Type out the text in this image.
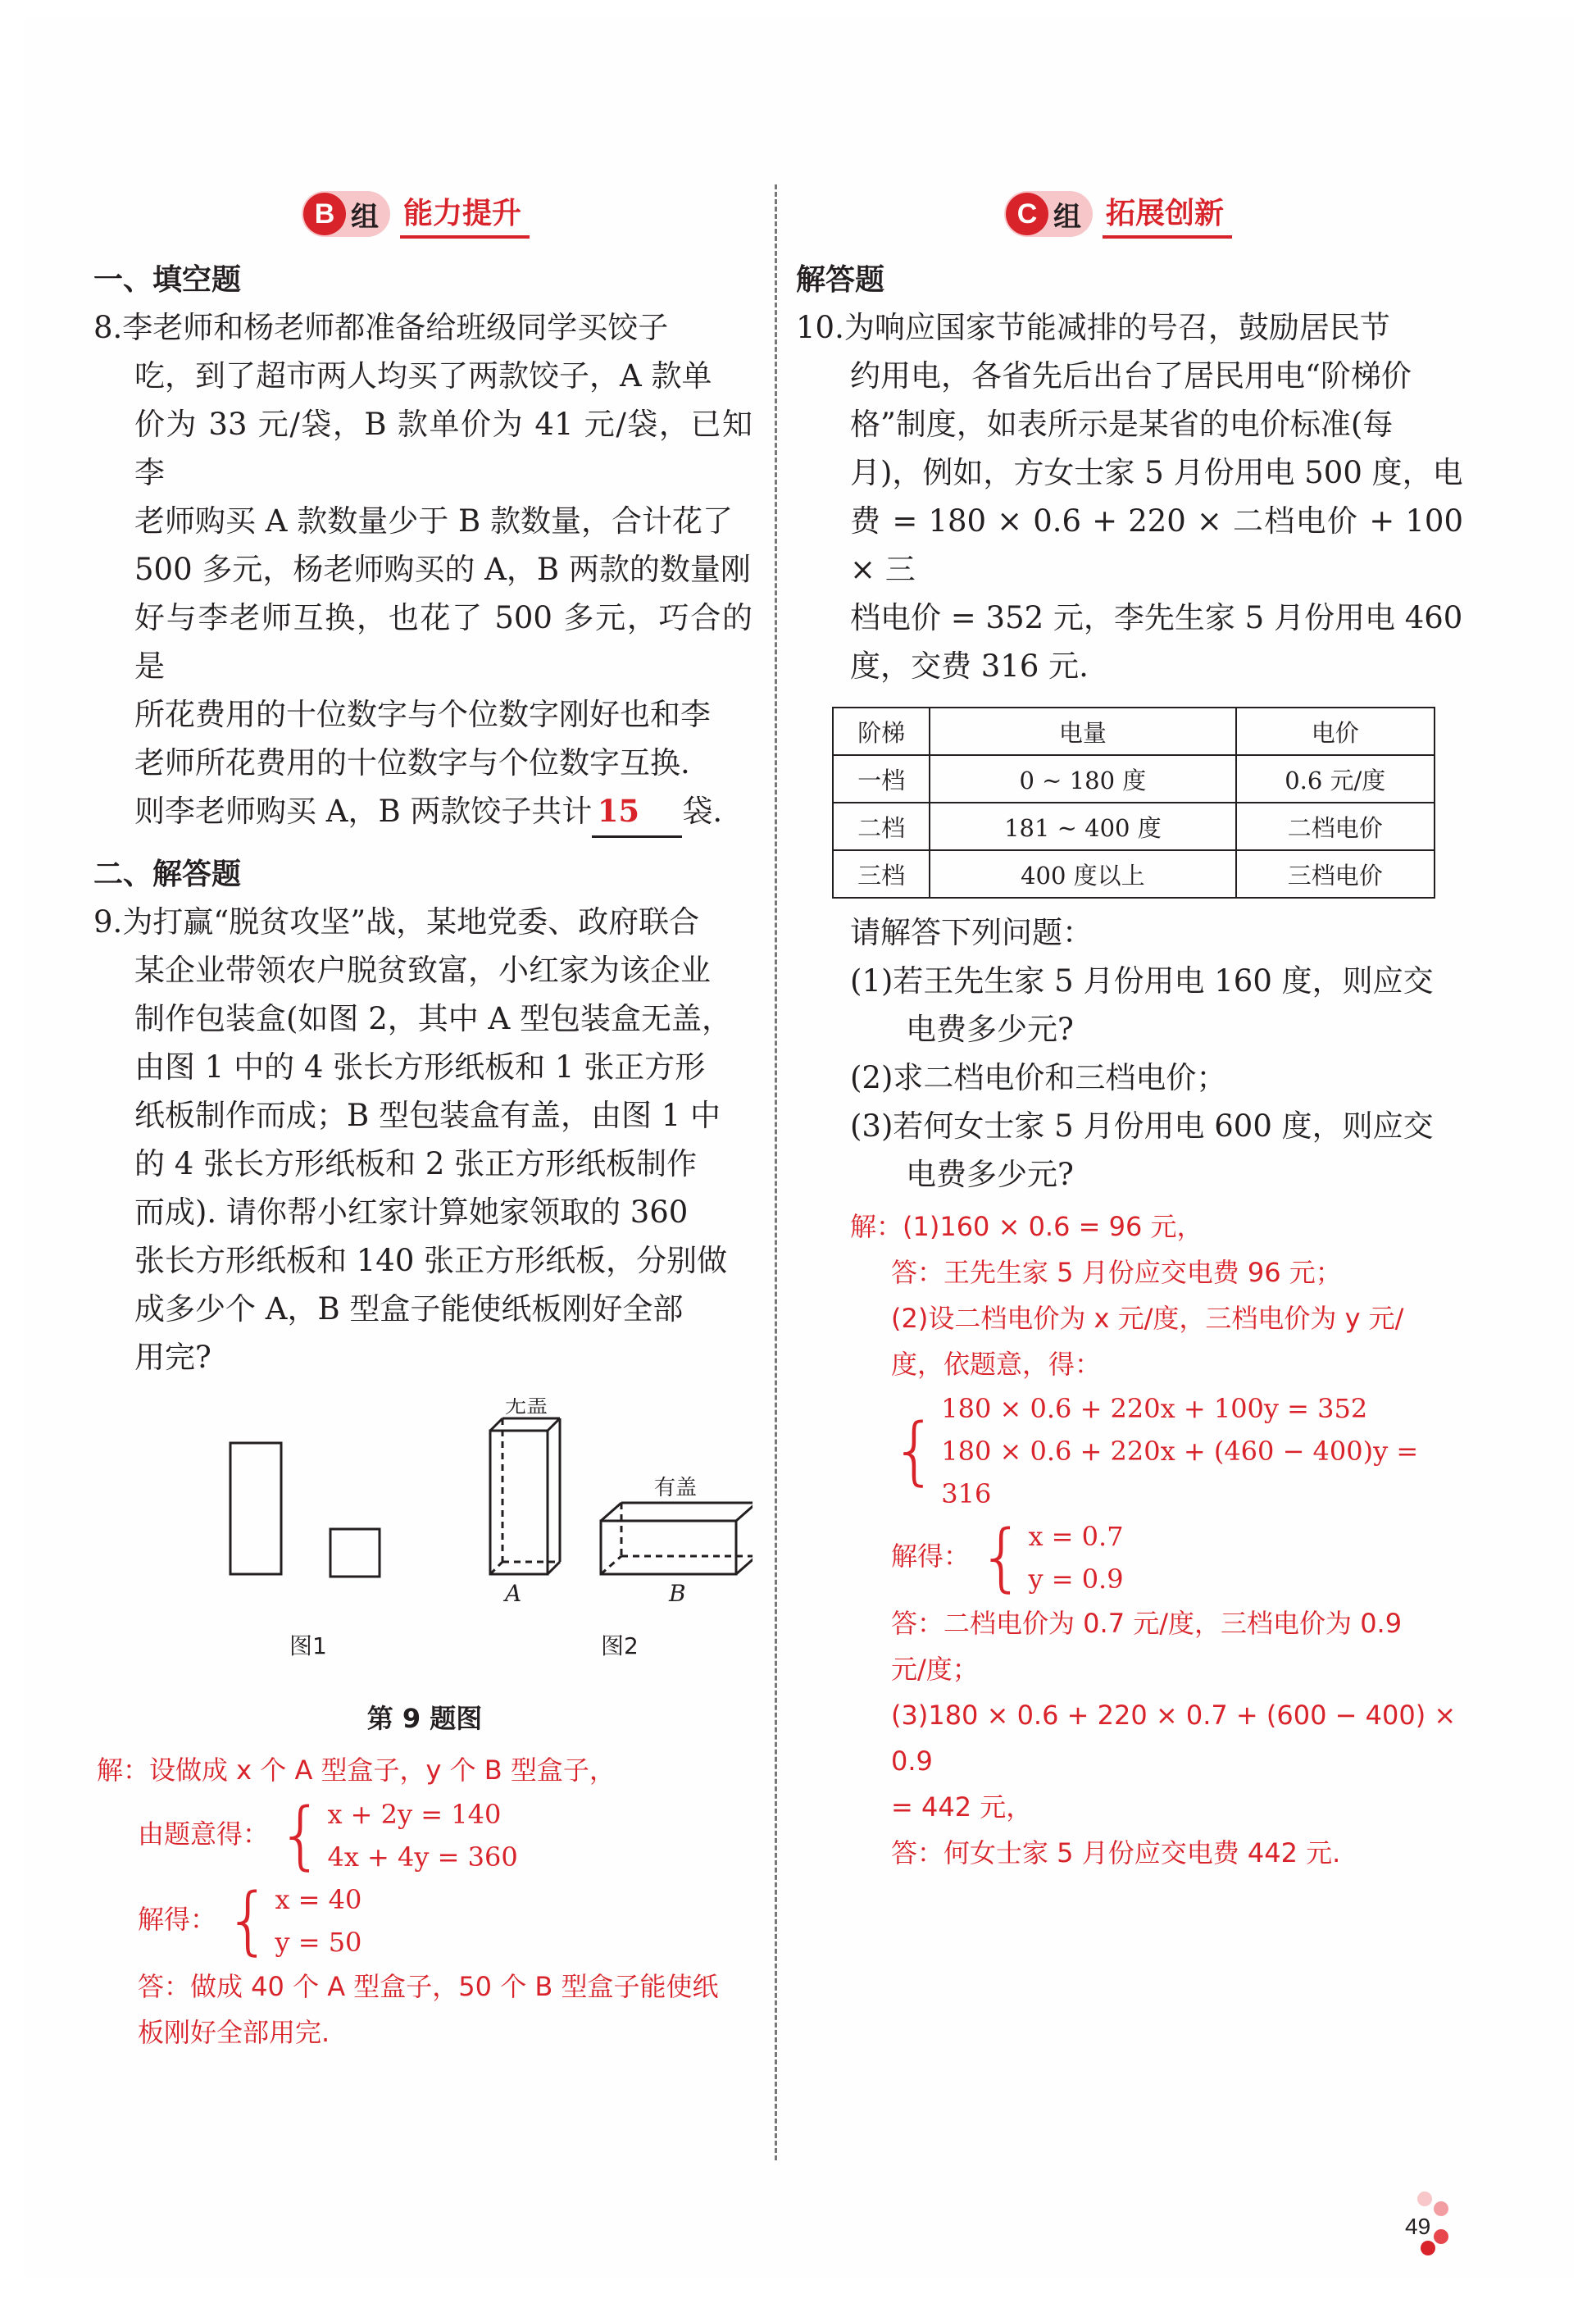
B 组 能力提升
一、填空题
8.李老师和杨老师都准备给班级同学买饺子
吃，到了超市两人均买了两款饺子，A 款单
价为 33 元/袋，B 款单价为 41 元/袋，已知李
老师购买 A 款数量少于 B 款数量，合计花了
500 多元，杨老师购买的 A，B 两款的数量刚
好与李老师互换，也花了 500 多元，巧合的是
所花费用的十位数字与个位数字刚好也和李
老师所花费用的十位数字与个位数字互换.
则李老师购买 A，B 两款饺子共计 15 袋.
二、解答题
9.为打赢“脱贫攻坚”战，某地党委、政府联合
某企业带领农户脱贫致富，小红家为该企业
制作包装盒(如图 2，其中 A 型包装盒无盖，
由图 1 中的 4 张长方形纸板和 1 张正方形
纸板制作而成；B 型包装盒有盖，由图 1 中
的 4 张长方形纸板和 2 张正方形纸板制作
而成). 请你帮小红家计算她家领取的 360
张长方形纸板和 140 张正方形纸板，分别做
成多少个 A，B 型盒子能使纸板刚好全部
用完?
无盖
有盖
A	B
图1	图2
第 9 题图
解：设做成 x 个 A 型盒子，y 个 B 型盒子，
由题意得： { x + 2y = 140
4x + 4y = 360
解得： { x = 40
y = 50
答：做成 40 个 A 型盒子，50 个 B 型盒子能使纸
板刚好全部用完.
C 组 拓展创新
解答题
10.为响应国家节能减排的号召，鼓励居民节
约用电，各省先后出台了居民用电“阶梯价
格”制度，如表所示是某省的电价标准(每
月)，例如，方女士家 5 月份用电 500 度，电
费 = 180 × 0.6 + 220 × 二档电价 + 100 × 三
档电价 = 352 元，李先生家 5 月份用电 460
度，交费 316 元.
阶梯	电量	电价
一档	0 ~ 180 度	0.6 元/度
二档	181 ~ 400 度	二档电价
三档	400 度以上	三档电价
请解答下列问题：
(1)若王先生家 5 月份用电 160 度，则应交
电费多少元?
(2)求二档电价和三档电价；
(3)若何女士家 5 月份用电 600 度，则应交
电费多少元?
解：(1)160 × 0.6 = 96 元，
答：王先生家 5 月份应交电费 96 元；
(2)设二档电价为 x 元/度，三档电价为 y 元/
度，依题意，得：
{ 180 × 0.6 + 220x + 100y = 352
180 × 0.6 + 220x + (460 − 400)y = 316
解得： { x = 0.7
y = 0.9
答：二档电价为 0.7 元/度，三档电价为 0.9
元/度；
(3)180 × 0.6 + 220 × 0.7 + (600 − 400) × 0.9
= 442 元，
答：何女士家 5 月份应交电费 442 元.
49
